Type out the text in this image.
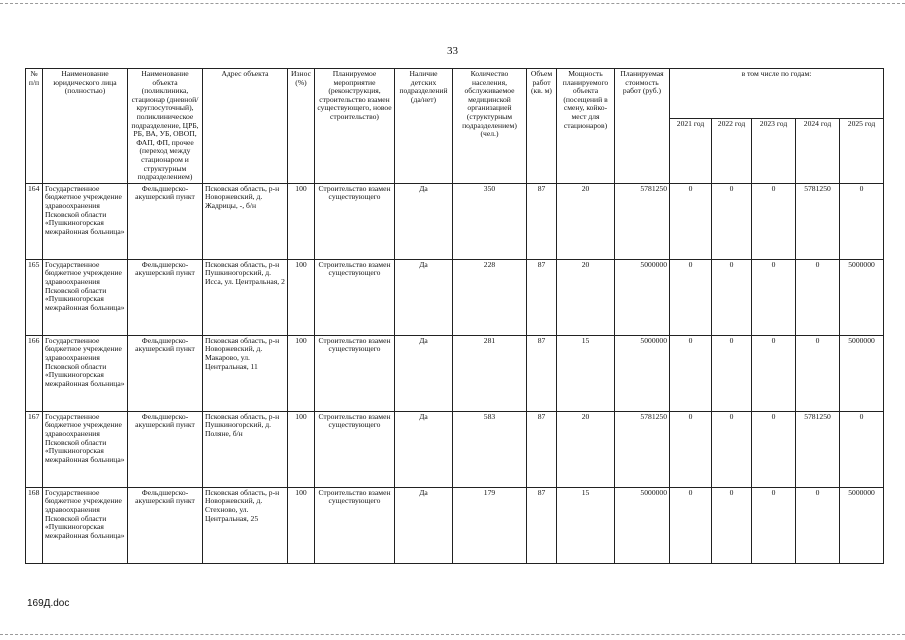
33
№ п/п	Наименование юридического лица (полностью)	Наименование объекта (поликлиника, стационар (дневной/ круглосуточный), поликлиническое подразделение, ЦРБ, РБ, ВА, УБ, ОВОП, ФАП, ФП, прочее (переход между стационаром и структурным подразделением)	Адрес объекта	Износ (%)	Планируемое мероприятие (реконструкция, строительство взамен существующего, новое строительство)	Наличие детских подразделений (да/нет)	Количество населения, обслуживаемое медицинской организацией (структурным подразделением) (чел.)	Объем работ (кв. м)	Мощность планируемого объекта (посещений в смену, койко-мест для стационаров)	Планируемая стоимость работ (руб.)	в том числе по годам:				
											2021 год	2022 год	2023 год	2024 год	2025 год
164	Государственное бюджетное учреждение здравоохранения Псковской области «Пушкиногорская межрайонная больница»	Фельдшерско-акушерский пункт	Псковская область, р-н Новоржевский, д. Жадрицы, -, б/н	100	Строительство взамен существующего	Да	350	87	20	5781250	0	0	0	5781250	0
165	Государственное бюджетное учреждение здравоохранения Псковской области «Пушкиногорская межрайонная больница»	Фельдшерско-акушерский пункт	Псковская область, р-н Пушкиногорский, д. Исса, ул. Центральная, 2	100	Строительство взамен существующего	Да	228	87	20	5000000	0	0	0	0	5000000
166	Государственное бюджетное учреждение здравоохранения Псковской области «Пушкиногорская межрайонная больница»	Фельдшерско-акушерский пункт	Псковская область, р-н Новоржевский, д. Макарово, ул. Центральная, 11	100	Строительство взамен существующего	Да	281	87	15	5000000	0	0	0	0	5000000
167	Государственное бюджетное учреждение здравоохранения Псковской области «Пушкиногорская межрайонная больница»	Фельдшерско-акушерский пункт	Псковская область, р-н Пушкиногорский, д. Поляне, б/н	100	Строительство взамен существующего	Да	583	87	20	5781250	0	0	0	5781250	0
168	Государственное бюджетное учреждение здравоохранения Псковской области «Пушкиногорская межрайонная больница»	Фельдшерско-акушерский пункт	Псковская область, р-н Новоржевский, д. Стехново, ул. Центральная, 25	100	Строительство взамен существующего	Да	179	87	15	5000000	0	0	0	0	5000000
169Д.doc
